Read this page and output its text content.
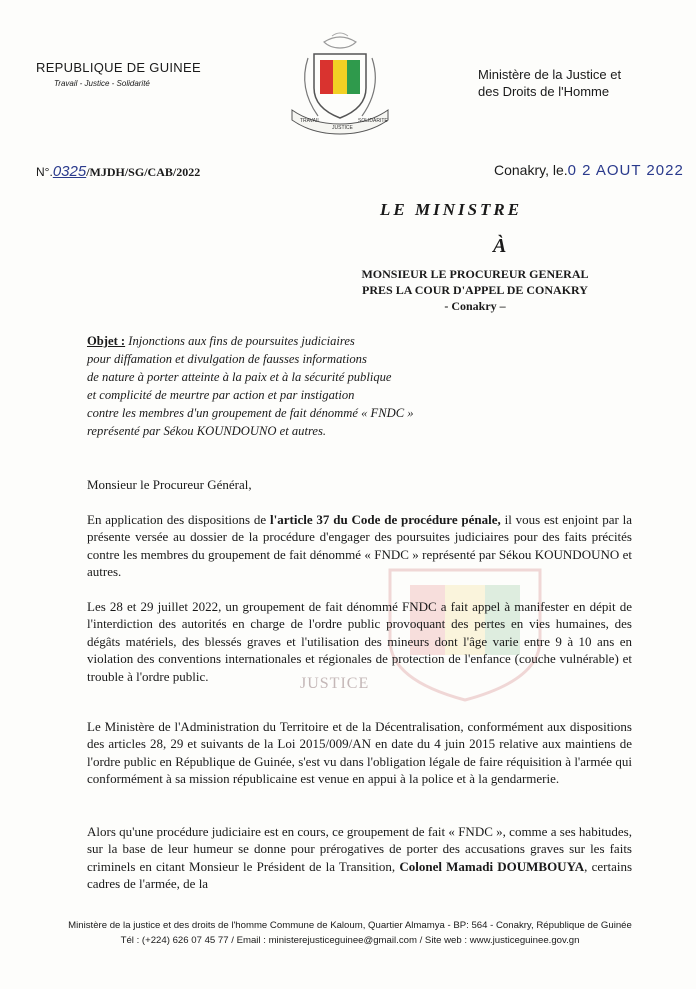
REPUBLIQUE DE GUINEE
Travail - Justice - Solidarité
TRAVAIL
JUSTICE
SOLIDARITE
Ministère de la Justice et
des Droits de l'Homme
N°.0325/MJDH/SG/CAB/2022	Conakry, le.0 2 AOUT 2022
LE MINISTRE
À
MONSIEUR LE PROCUREUR GENERAL
PRES LA COUR D'APPEL DE CONAKRY
- Conakry –
Objet : Injonctions aux fins de poursuites judiciaires
pour diffamation et divulgation de fausses informations
de nature à porter atteinte à la paix et à la sécurité publique
et complicité de meurtre par action et par instigation
contre les membres d'un groupement de fait dénommé « FNDC »
représenté par Sékou KOUNDOUNO et autres.
Monsieur le Procureur Général,
JUSTICE
En application des dispositions de l'article 37 du Code de procédure pénale, il vous est enjoint par la présente versée au dossier de la procédure d'engager des poursuites judiciaires pour des faits précités contre les membres du groupement de fait dénommé « FNDC » représenté par Sékou KOUNDOUNO et autres.
Les 28 et 29 juillet 2022, un groupement de fait dénommé FNDC a fait appel à manifester en dépit de l'interdiction des autorités en charge de l'ordre public provoquant des pertes en vies humaines, des dégâts matériels, des blessés graves et l'utilisation des mineurs dont l'âge varie entre 9 à 10 ans en violation des conventions internationales et régionales de protection de l'enfance (couche vulnérable) et trouble à l'ordre public.
Le Ministère de l'Administration du Territoire et de la Décentralisation, conformément aux dispositions des articles 28, 29 et suivants de la Loi 2015/009/AN en date du 4 juin 2015 relative aux maintiens de l'ordre public en République de Guinée, s'est vu dans l'obligation légale de faire réquisition à l'armée qui conformément à sa mission républicaine est venue en appui à la police et à la gendarmerie.
Alors qu'une procédure judiciaire est en cours, ce groupement de fait « FNDC », comme a ses habitudes, sur la base de leur humeur se donne pour prérogatives de porter des accusations graves sur les faits criminels en citant Monsieur le Président de la Transition, Colonel Mamadi DOUMBOUYA, certains cadres de l'armée, de la
Ministère de la justice et des droits de l'homme Commune de Kaloum, Quartier Almamya - BP: 564 - Conakry, République de Guinée
Tél : (+224) 626 07 45 77 / Email : ministerejusticeguinee@gmail.com / Site web : www.justiceguinee.gov.gn
